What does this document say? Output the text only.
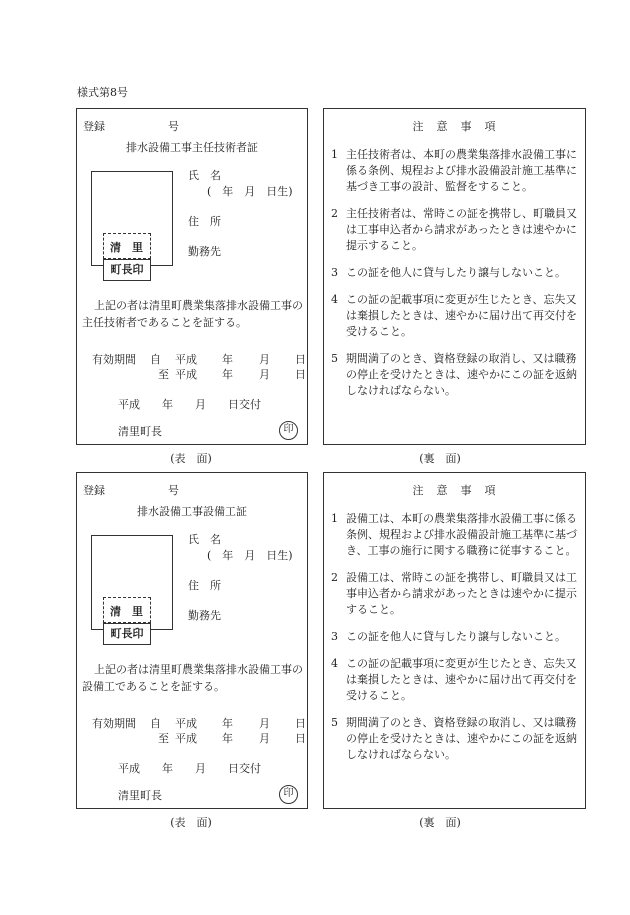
様式第8号
登録	号
排水設備工事主任技術者証
清　里
町長印
氏　名
(　年　月　日生)
住　所
勤務先
上記の者は清里町農業集落排水設備工事の主任技術者であることを証する。
有効期間 自 平成 年 月 日
至 平成 年 月 日
平成　　年　　月　　日交付
清里町長	印
(表　面)
注　意　事　項
1 主任技術者は、本町の農業集落排水設備工事に係る条例、規程および排水設備設計施工基準に基づき工事の設計、監督をすること。
2 主任技術者は、常時この証を携帯し、町職員又は工事申込者から請求があったときは速やかに提示すること。
3 この証を他人に貸与したり譲与しないこと。
4 この証の記載事項に変更が生じたとき、忘失又は棄損したときは、速やかに届け出て再交付を受けること。
5 期間満了のとき、資格登録の取消し、又は職務の停止を受けたときは、速やかにこの証を返納しなければならない。
(裏　面)
登録	号
排水設備工事設備工証
清　里
町長印
氏　名
(　年　月　日生)
住　所
勤務先
上記の者は清里町農業集落排水設備工事の設備工であることを証する。
有効期間 自 平成 年 月 日
至 平成 年 月 日
平成　　年　　月　　日交付
清里町長	印
(表　面)
注　意　事　項
1 設備工は、本町の農業集落排水設備工事に係る条例、規程および排水設備設計施工基準に基づき、工事の施行に関する職務に従事すること。
2 設備工は、常時この証を携帯し、町職員又は工事申込者から請求があったときは速やかに提示すること。
3 この証を他人に貸与したり譲与しないこと。
4 この証の記載事項に変更が生じたとき、忘失又は棄損したときは、速やかに届け出て再交付を受けること。
5 期間満了のとき、資格登録の取消し、又は職務の停止を受けたときは、速やかにこの証を返納しなければならない。
(裏　面)
